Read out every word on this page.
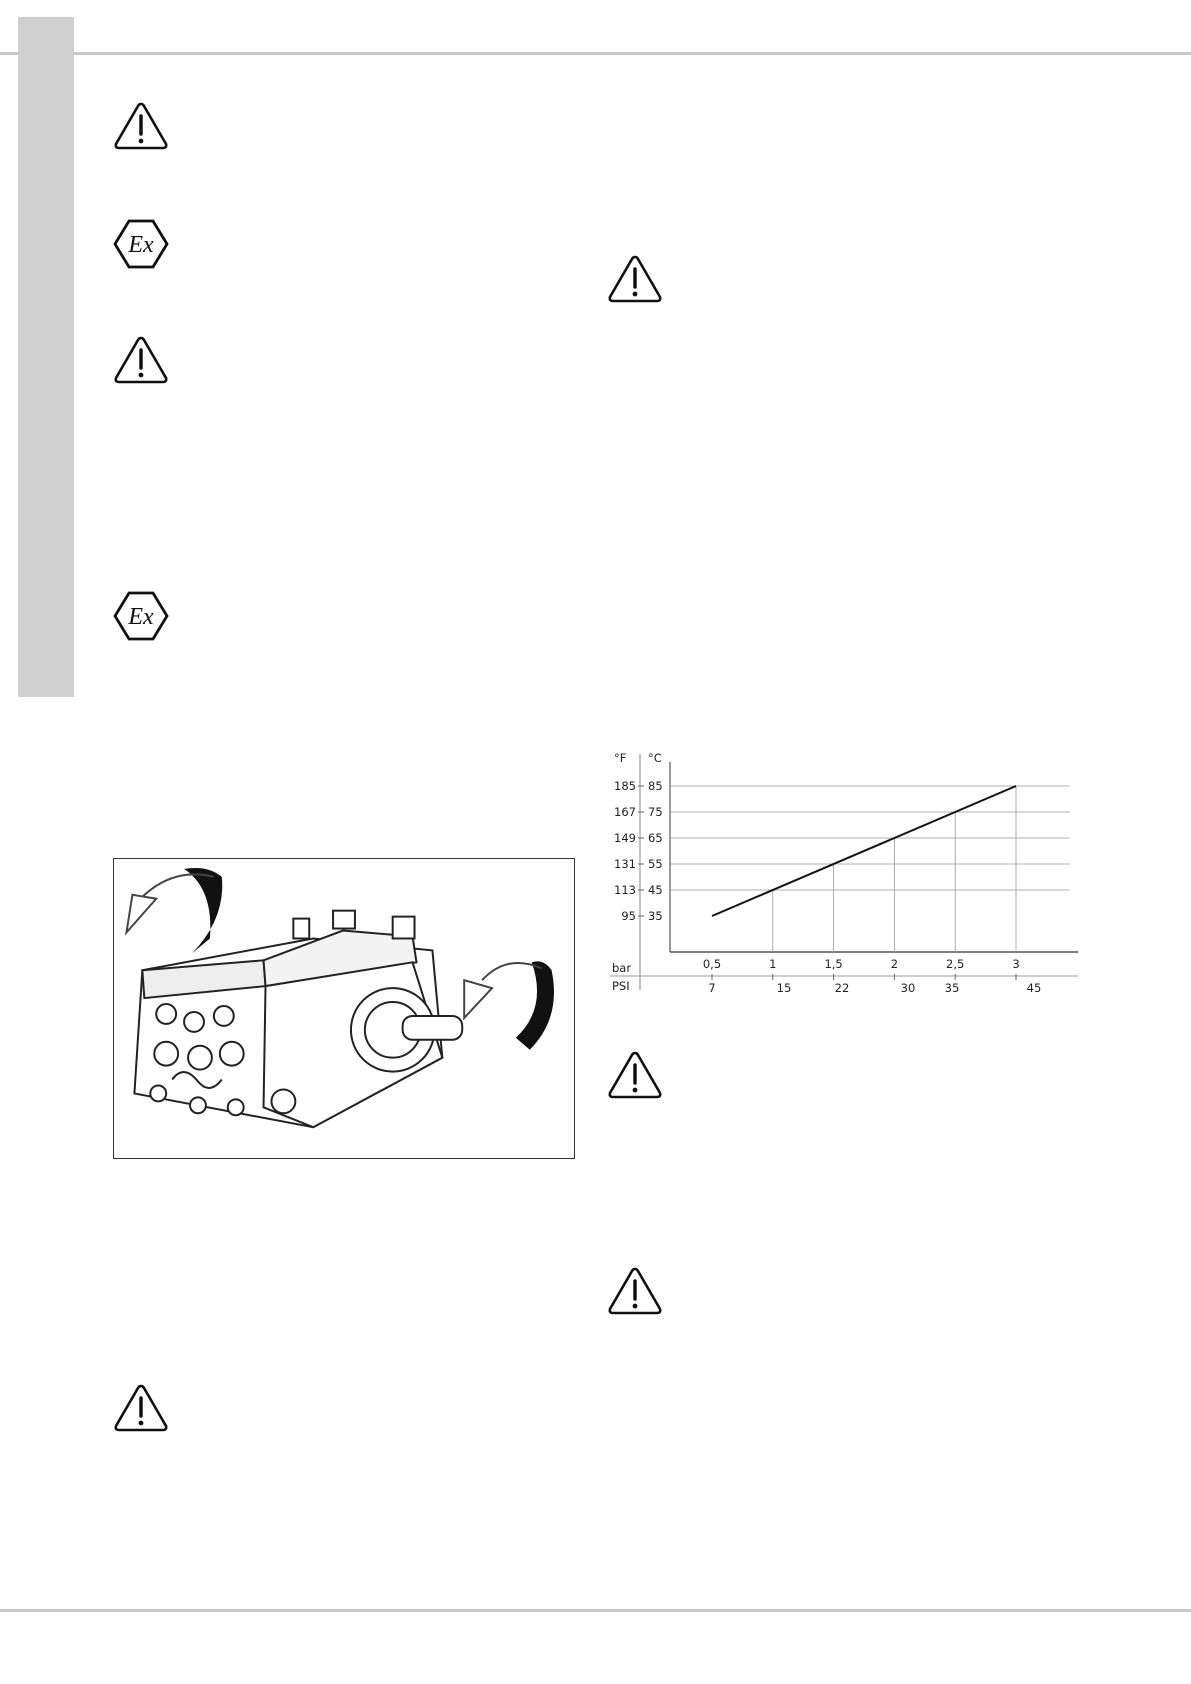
Ex
Ex
°F °C
35
95
45
113
55
131
65
149
75
167
85
185
0,5	1	1,5	2	2,5	3
7	15	22	30	35	45
bar
PSI
